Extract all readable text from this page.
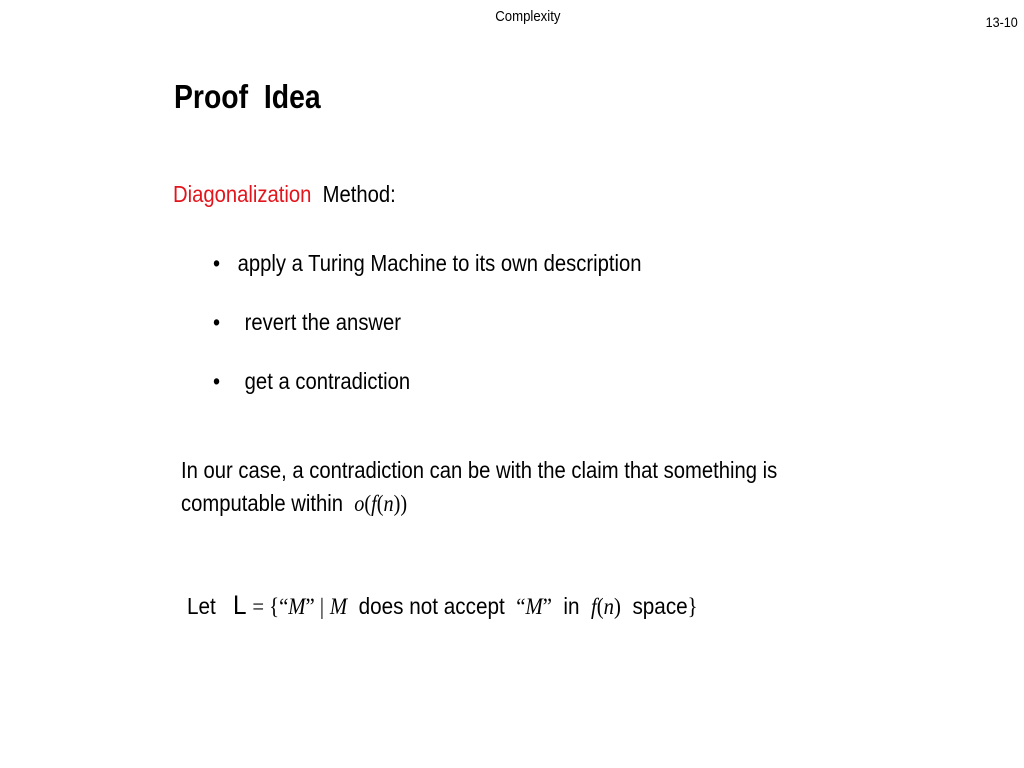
Complexity	13-10
Proof  Idea
Diagonalization Method:
• apply a Turing Machine to its own description
• revert the answer
• get a contradiction
In our case, a contradiction can be with the claim that something is
computable within o(f(n))
Let L = {“M” | M does not accept “M” in f(n) space}
